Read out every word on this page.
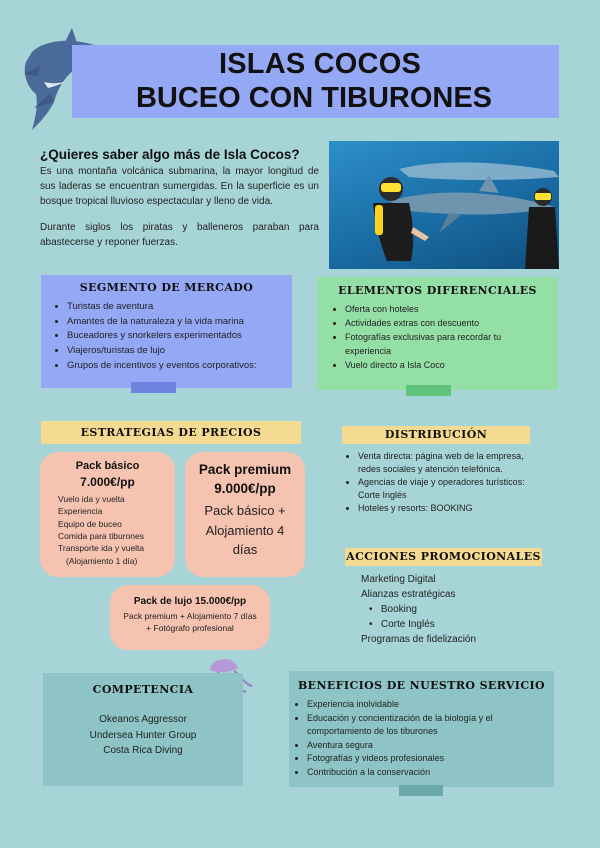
ISLAS COCOS
BUCEO CON TIBURONES
¿Quieres saber algo más de Isla Cocos?
Es una montaña volcánica submarina, la mayor longitud de sus laderas se encuentran sumergidas. En la superficie es un bosque tropical lluvioso espectacular y lleno de vida.
Durante siglos los piratas y balleneros paraban para abastecerse y reponer fuerzas.
SEGMENTO DE MERCADO
• Turistas de aventura
• Amantes de la naturaleza y la vida marina
• Buceadores y snorkelers experimentados
• Viajeros/turistas de lujo
• Grupos de incentivos y eventos corporativos:
ELEMENTOS DIFERENCIALES
• Oferta con hoteles
• Actividades extras con descuento
• Fotografías exclusivas para recordar tu experiencia
• Vuelo directo a Isla Coco
ESTRATEGIAS DE PRECIOS
Pack básico
7.000€/pp
Vuelo ida y vuelta
Experiencia
Equipo de buceo
Comida para tiburones
Transporte ida y vuelta
(Alojamiento 1 día)
Pack premium
9.000€/pp
Pack básico +
Alojamiento 4
días
Pack de lujo 15.000€/pp
Pack premium + Alojamiento 7 días
+ Fotógrafo profesional
DISTRIBUCIÓN
• Venta directa: página web de la empresa, redes sociales y atención telefónica.
• Agencias de viaje y operadores turísticos: Corte Inglés
• Hoteles y resorts: BOOKING
ACCIONES PROMOCIONALES
Marketing Digital
Alianzas estratégicas
•   Booking
•   Corte Inglés
Programas de fidelización
COMPETENCIA
Okeanos Aggressor
Undersea Hunter Group
Costa Rica Diving
BENEFICIOS DE NUESTRO SERVICIO
• Experiencia inolvidable
• Educación y concientización de la biología y el comportamiento de los tiburones
• Aventura segura
• Fotografías y videos profesionales
• Contribución a la conservación
